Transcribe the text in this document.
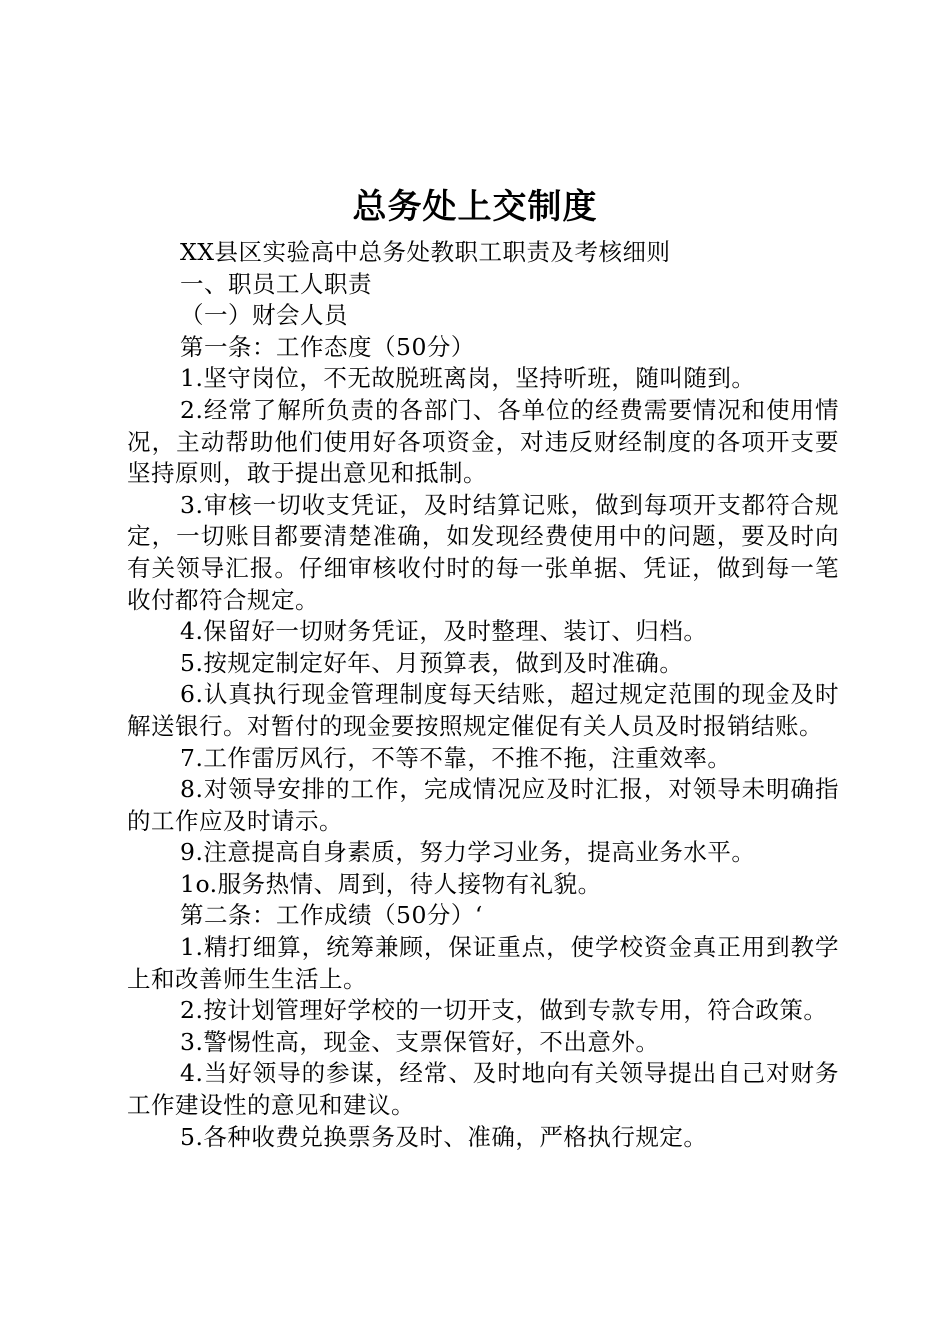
总务处上交制度

XX县区实验高中总务处教职工职责及考核细则

一、职员工人职责

（一）财会人员

第一条：工作态度（50分）

1.坚守岗位，不无故脱班离岗，坚持听班，随叫随到。

2.经常了解所负责的各部门、各单位的经费需要情况和使用情况，主动帮助他们使用好各项资金，对违反财经制度的各项开支要坚持原则，敢于提出意见和抵制。

3.审核一切收支凭证，及时结算记账，做到每项开支都符合规定，一切账目都要清楚准确，如发现经费使用中的问题，要及时向有关领导汇报。仔细审核收付时的每一张单据、凭证，做到每一笔收付都符合规定。

4.保留好一切财务凭证，及时整理、装订、归档。

5.按规定制定好年、月预算表，做到及时准确。

6.认真执行现金管理制度每天结账，超过规定范围的现金及时解送银行。对暂付的现金要按照规定催促有关人员及时报销结账。

7.工作雷厉风行，不等不靠，不推不拖，注重效率。

8.对领导安排的工作，完成情况应及时汇报，对领导未明确指的工作应及时请示。

9.注意提高自身素质，努力学习业务，提高业务水平。

1o.服务热情、周到，待人接物有礼貌。

第二条：工作成绩（50分）‘

1.精打细算，统筹兼顾，保证重点，使学校资金真正用到教学上和改善师生生活上。

2.按计划管理好学校的一切开支，做到专款专用，符合政策。

3.警惕性高，现金、支票保管好，不出意外。

4.当好领导的参谋，经常、及时地向有关领导提出自己对财务工作建设性的意见和建议。

5.各种收费兑换票务及时、准确，严格执行规定。
